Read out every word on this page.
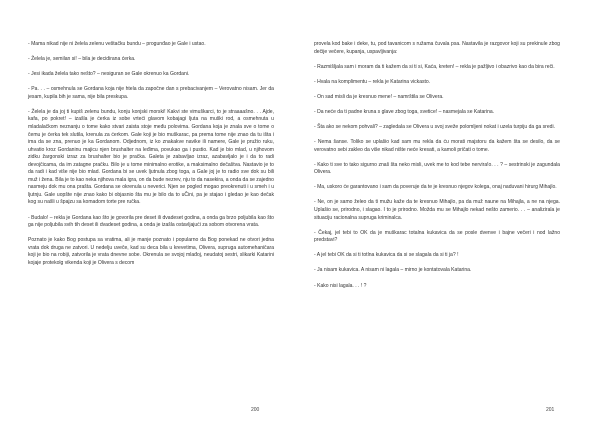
- Mama nikad nije ni želela zelenu veštačku bundu – progunđao je Gale i ustao.

- Želela je, semilan si! – bila je decidirana ćerka.

- Jesi ikada želela tako nešto? – nesiguran se Gale okrenuo ka Gordani.

- Pa. . . – osmehnula se Gordana koja nije htela da započne dan s prebacivanjem – Verovatno nisam. Jer da jesam, kupila bih je sama, nije bila preskupa.

- Želela je da joj ti kupiš zelenu bundu, konju konjski morski! Kakvi ste vimuškarci, to je straaaašno. . . Ajde, kafa, po pokret! – izašla je ćerka iz sobe vrteći glavom kobajagi ljuta na muški rod, a osmehnuta u mladalačkom neznanju o tome kako stvari zaista stoje među polovima. Gordana koja je znala sve o tome o čemu je ćerka tek slutila, krenula za ćerkom. Gale koji je bio muškarac, pa prema tome nije znao da tu išta i ima da se zna, prenuo je ka Gordanom. Odjednom, iz ko znakakve navike ili namere, Gale je pružio ruku, uhvatio kroz Gordaninu majicu njen brushalter na leđima, povukao ga i pustio. Kad je bio mlad, u njihovom zidku žargonski izraz za brushalter bio je pračka. Galeta je zabavljao izraz, azabavljalo je i da to radi devojčicama, da im zatagne pračku. Bilo je u tome minimalno erotike, a maksimalno dečaštva. Nastavio je to da radi i kad više nije bio mlad. Gordana bi se uvek ljutnula zbog toga, a Gale joj je to radio sve dok su bili muž i žena. Bila je to kao neka njihova mala igra, on da bude nezrev, nju to da nasekira, a onda da se zajedno nasmeju dok mu ona prašta. Gordana se okrenula u neverici. Njen se pogled mogao preokrenuti i u smeh i u ljutnju. Gale uopšte nije znao kako bi objasnio šta mu je bilo da to uČini, pa je stajao i gledao je kao dečak kog su našli u špajzu sa komadom torte pre ručka.

- Budalo! – rekla je Gordana kao što je govorila pre deset ili dvadeset godina, a onda ga brzo poljubila kao što ga nije poljubila svih tih deset ili dvadeset godina, a onda je izašla ostavljajući za sobom otvorena vrata.

Poznato je kako Bog postupa sa vratima, ali je manje poznato i popularno da Bog ponekad ne otvori jedna vrata dok druga ne zatvori. U nedelju uveče, kad su deca bila u krevetima, Olivera, supruga automehaničara koji je bio na robiji, zatvorila je vrata dnevne sobe. Okrenula se svojoj mlađoj, neudatoj sestri, slikarki Katarini kojaje protekolg vikenda koji je Olivera s decom

200

provela kod bake i deke, tu, pod tavanicom s ružama čuvala psa. Nastavila je razgovor koji su prekinule zbog dečije večere, kupanja, uspavljivanja:

- Razmišljala sam i moram da ti kažem da si ti si, Kaća, kreten! – rekla je pažljivo i obazrivo kao da bira reči.

- Hvala na komplimentu – rekla je Katarina vickasto.

- On sad misli da je kresnuo mene! – namrštila se Olivera.

- Da neće da ti padne kruna s glave zbog toga, svetice! – nasmejala se Katarina.

- Šta ako se nekom pohvali? – zagledala se Olivera u svoj sveže polomljeni nokat i uzela turpiju da ga sredi.

- Nema šanse. Toliko se uplašio kad sam mu rekla da ću morati majstoru da kažem šta se desilo, da se verovatno sebi zakleo da više nikad nište neće kresati, a kamoli pričati o tome.

- Kako ti sve to tako sigurno znaš šta neko misli, uvek me to kod tebe nervira!o. . . ? – sestrinski je zagundala Olivera.

- Ma, uskoro će garantovano i sam da poveruje da te je kresnuo njegov kolega, onaj naduvani hirurg Mihajlo.

- Ne, on je samo želeo da ti mužu kaže da te kresnuo Mihajlo, pa da muž naune na Mihajla, a ne na njega. Uplašio se, prirodno, i slagao. I to je prirodno. Možda mu se Mihajlo nekad nešto zamerio. . . – analizirala je situaciju racionalna supruga kriminalca.

- Čekaj, jel tebi to OK da je muškarac totalna kukavica da se posle dvenve i bajne večeri i nod lažno predstavi?

- A jel tebi OK da si ti totlna kukavica da si se slagala da si ti ja? !

- Ja nisam kukavica. A nisam ni lagala – mirno je kontatovala Katarina.

- Kako nisi lagala. . . ! ?

201
